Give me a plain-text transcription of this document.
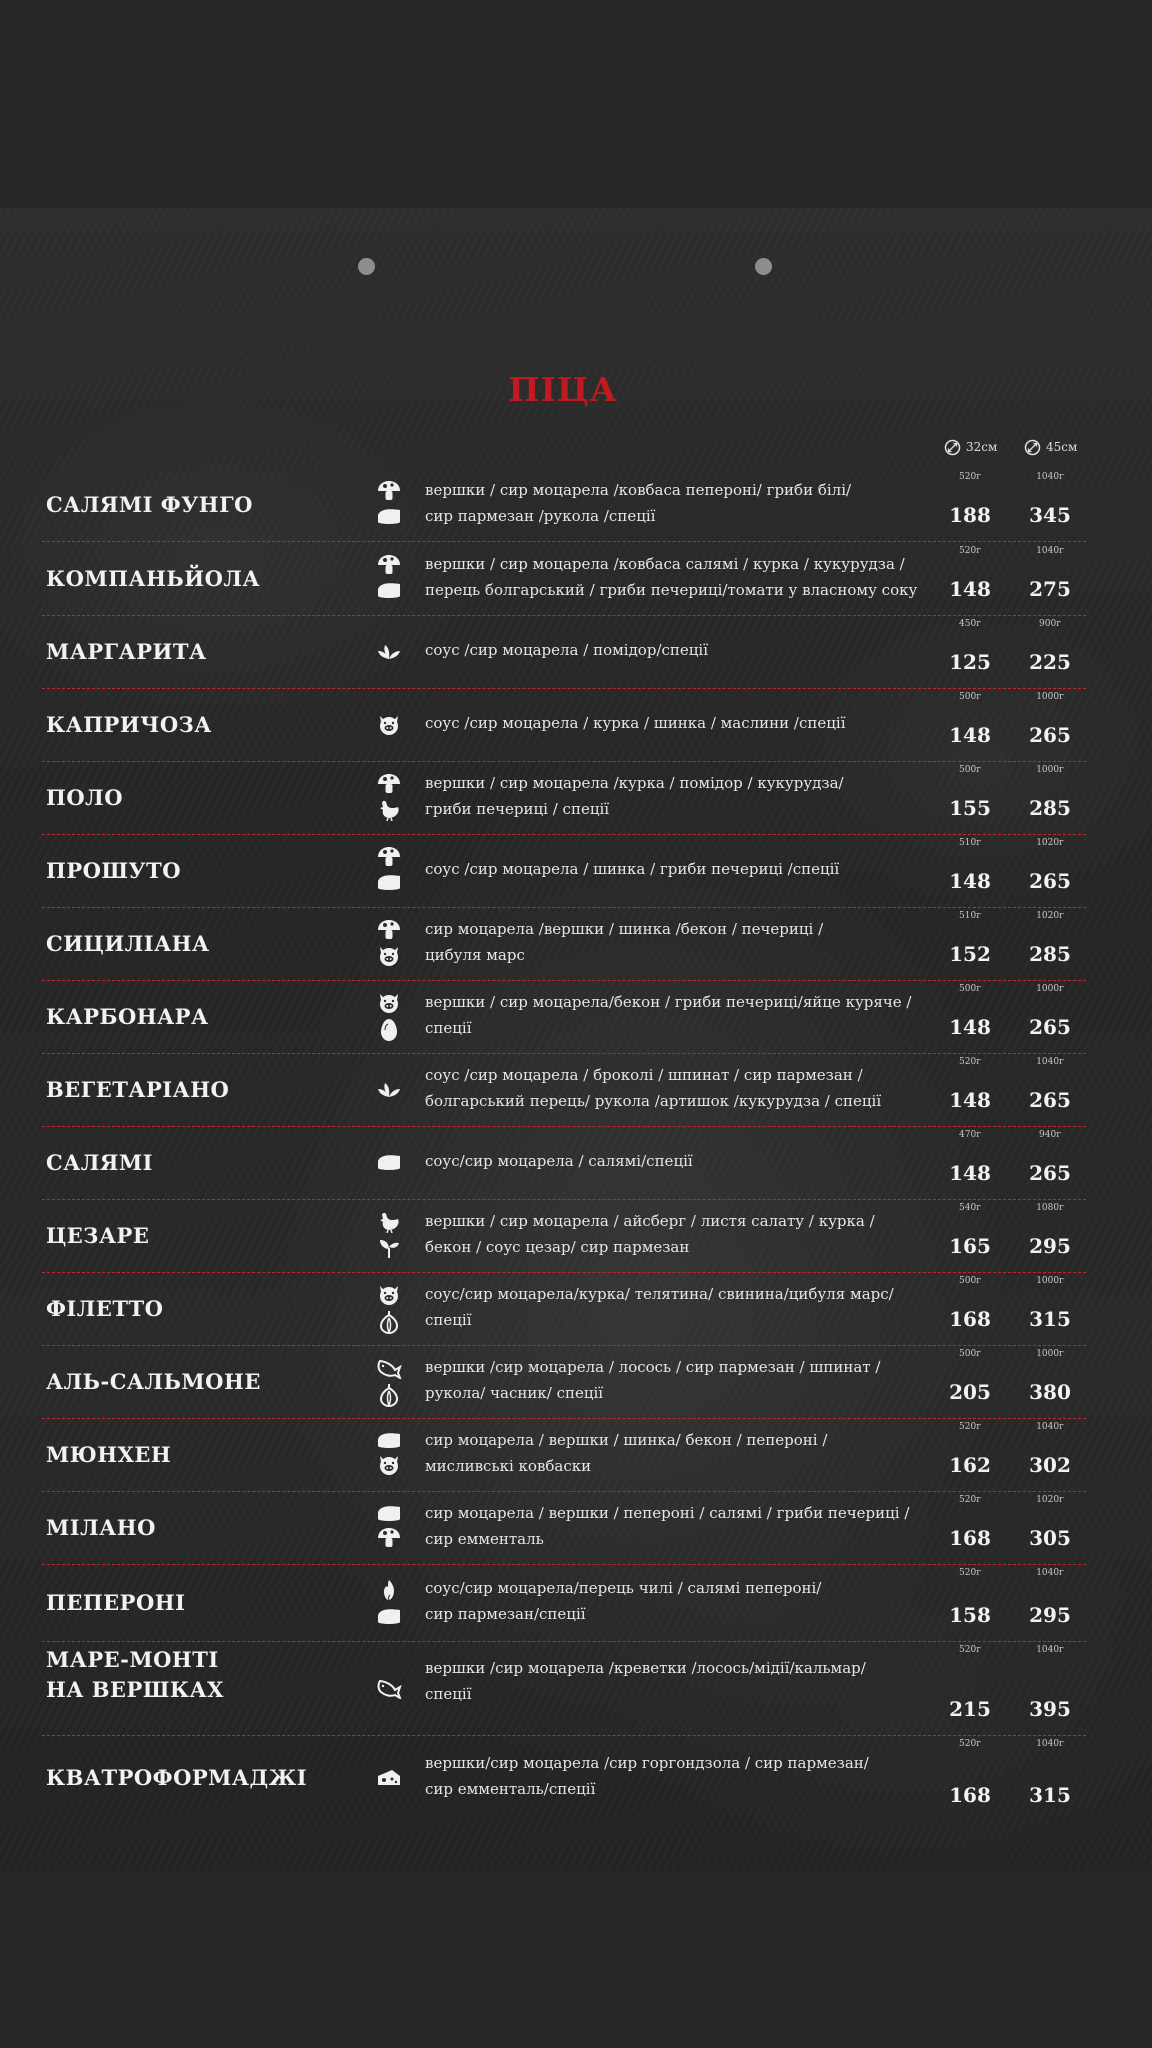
ПІЦА
32см	45см
САЛЯМІ ФУНГО
вершки / сир моцарела /ковбаса пеперонi/ гриби бiлi/
сир пармезан /рукола /спецiї
520г	1040г
188	345
КОМПАНЬЙОЛА
вершки / сир моцарела /ковбаса салямi / курка / кукурудза /
перець болгарський / гриби печерицi/томати у власному соку
520г	1040г
148	275
МАРГАРИТА	соус /сир моцарела / помiдор/спецiї
450г	900г
125	225
КАПРИЧОЗА	соус /сир моцарела / курка / шинка / маслини /спецiї
500г	1000г
148	265
ПОЛО
вершки / сир моцарела /курка / помiдор / кукурудза/
гриби печерицi / спецiї
500г	1000г
155	285
ПРОШУТО	соус /сир моцарела / шинка / гриби печерицi /спецiї
510г	1020г
148	265
СИЦИЛIАНА
сир моцарела /вершки / шинка /бекон / печерицi /
цибуля марс
510г	1020г
152	285
КАРБОНАРА
вершки / сир моцарела/бекон / гриби печерицi/яйце куряче /
спецiї
500г	1000г
148	265
ВЕГЕТАРIАНО
соус /сир моцарела / броколi / шпинат / сир пармезан /
болгарський перець/ рукола /артишок /кукурудза / спецiї
520г	1040г
148	265
САЛЯМI	соус/сир моцарела / салямi/спецiї
470г	940г
148	265
ЦЕЗАРЕ
вершки / сир моцарела / айсберг / листя салату / курка /
бекон / соус цезар/ сир пармезан
540г	1080г
165	295
ФIЛЕТТО
соус/сир моцарела/курка/ телятина/ свинина/цибуля марс/
спецiї
500г	1000г
168	315
АЛЬ-САЛЬМОНЕ
вершки /сир моцарела / лосось / сир пармезан / шпинат /
рукола/ часник/ спецiї
500г	1000г
205	380
МЮНХЕН
сир моцарела / вершки / шинка/ бекон / пеперонi /
мисливськi ковбаски
520г	1040г
162	302
МIЛАНО
сир моцарела / вершки / пеперонi / салямi / гриби печерицi /
сир емменталь
520г	1020г
168	305
ПЕПЕРОНI
соус/сир моцарела/перець чилi / салямi пеперонi/
сир пармезан/спецiї
520г	1040г
158	295
МАРЕ-МОНТI
НА ВЕРШКАХ
вершки /сир моцарела /креветки /лосось/мiдiї/кальмар/
спецiї
520г	1040г
215	395
КВАТРОФОРМАДЖI
вершки/сир моцарела /сир горгондзола / сир пармезан/
сир емменталь/спецiї
520г	1040г
168	315
